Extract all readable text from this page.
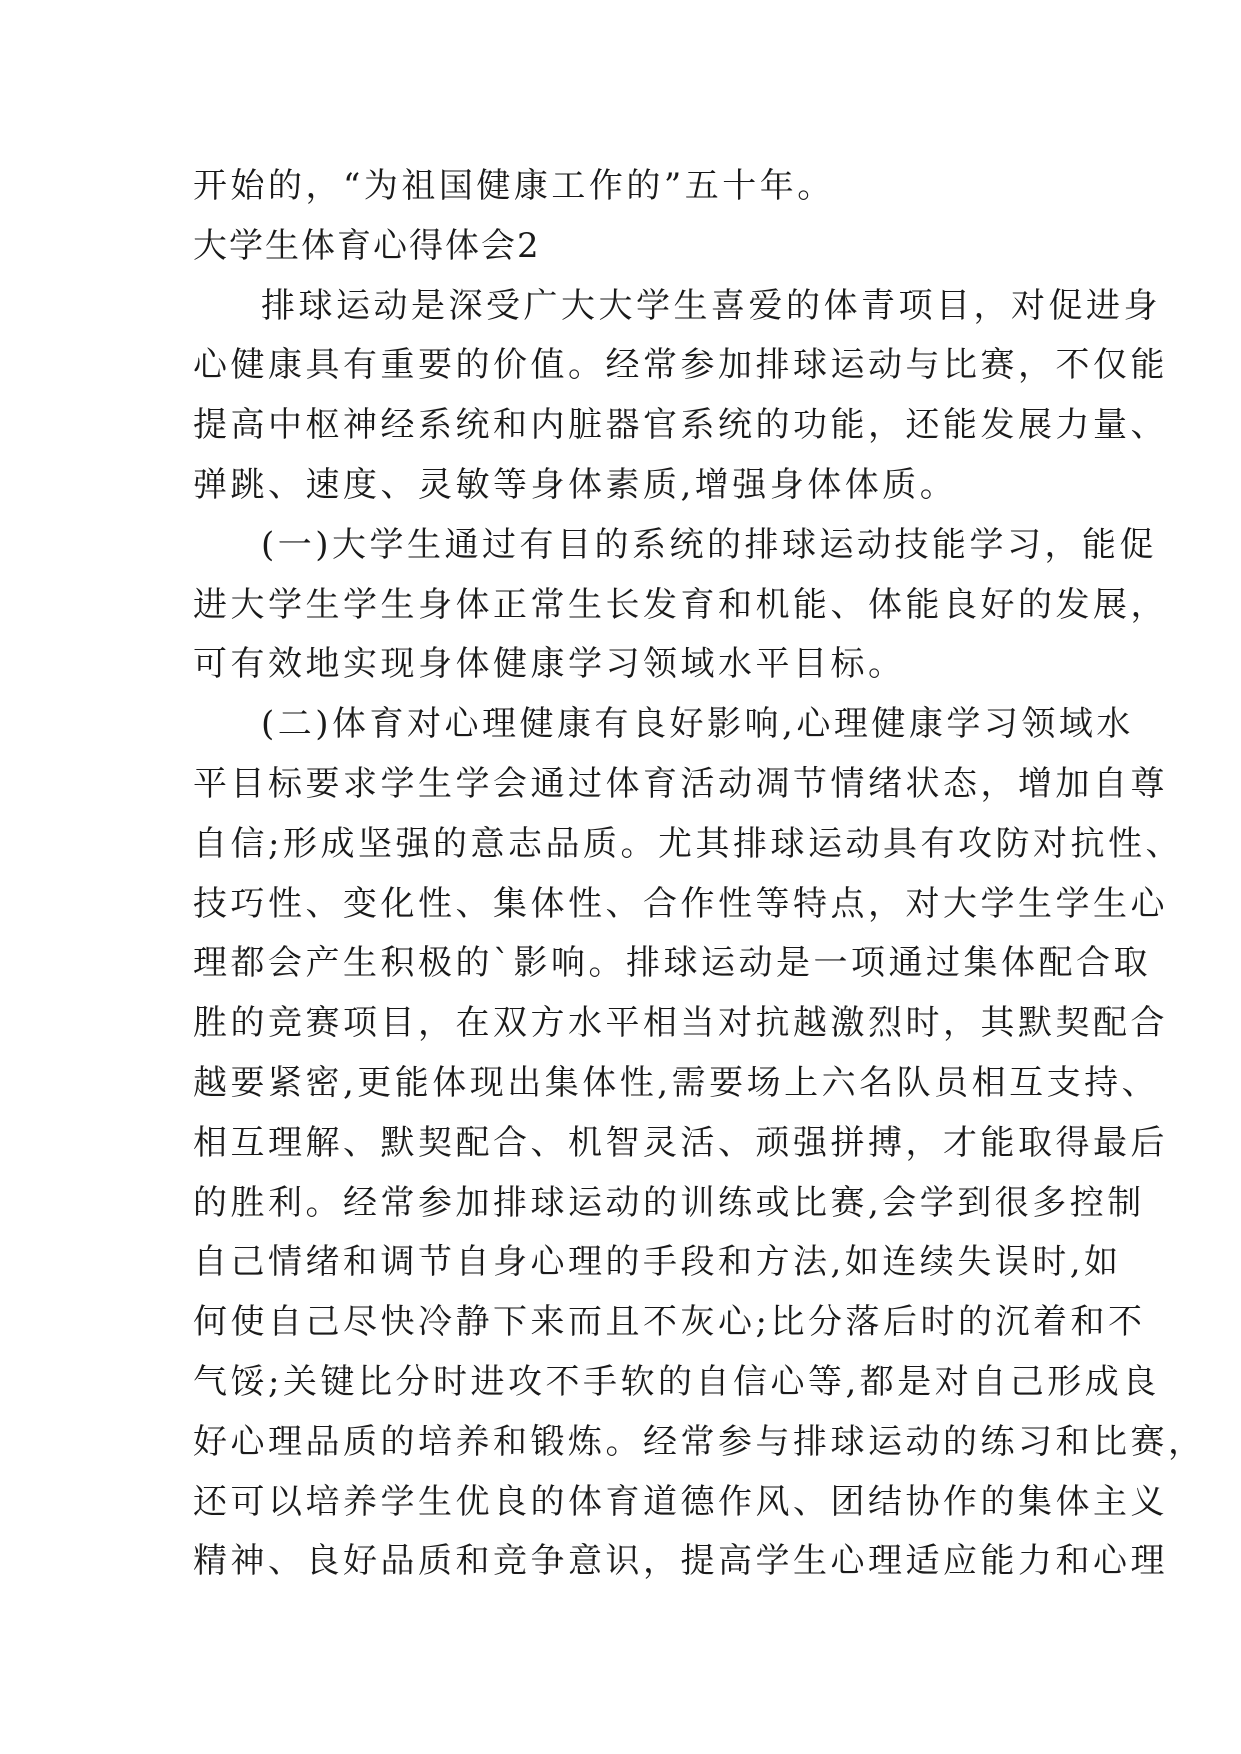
开始的，“为祖国健康工作的”五十年。
大学生体育心得体会2
排球运动是深受广大大学生喜爱的体青项目，对促进身
心健康具有重要的价值。经常参加排球运动与比赛，不仅能
提高中枢神经系统和内脏器官系统的功能，还能发展力量、
弹跳、速度、灵敏等身体素质,增强身体体质。
(一)大学生通过有目的系统的排球运动技能学习，能促
进大学生学生身体正常生长发育和机能、体能良好的发展，
可有效地实现身体健康学习领域水平目标。
(二)体育对心理健康有良好影响,心理健康学习领域水
平目标要求学生学会通过体育活动凋节情绪状态，增加自尊
自信;形成坚强的意志品质。尤其排球运动具有攻防对抗性、
技巧性、变化性、集体性、合作性等特点，对大学生学生心
理都会产生积极的`影响。排球运动是一项通过集体配合取
胜的竞赛项目，在双方水平相当对抗越激烈时，其默契配合
越要紧密,更能体现出集体性,需要场上六名队员相互支持、
相互理解、默契配合、机智灵活、顽强拼搏，才能取得最后
的胜利。经常参加排球运动的训练或比赛,会学到很多控制
自己情绪和调节自身心理的手段和方法,如连续失误时,如
何使自己尽快冷静下来而且不灰心;比分落后时的沉着和不
气馁;关键比分时进攻不手软的自信心等,都是对自己形成良
好心理品质的培养和锻炼。经常参与排球运动的练习和比赛，
还可以培养学生优良的体育道德作风、团结协作的集体主义
精神、良好品质和竞争意识，提高学生心理适应能力和心理
